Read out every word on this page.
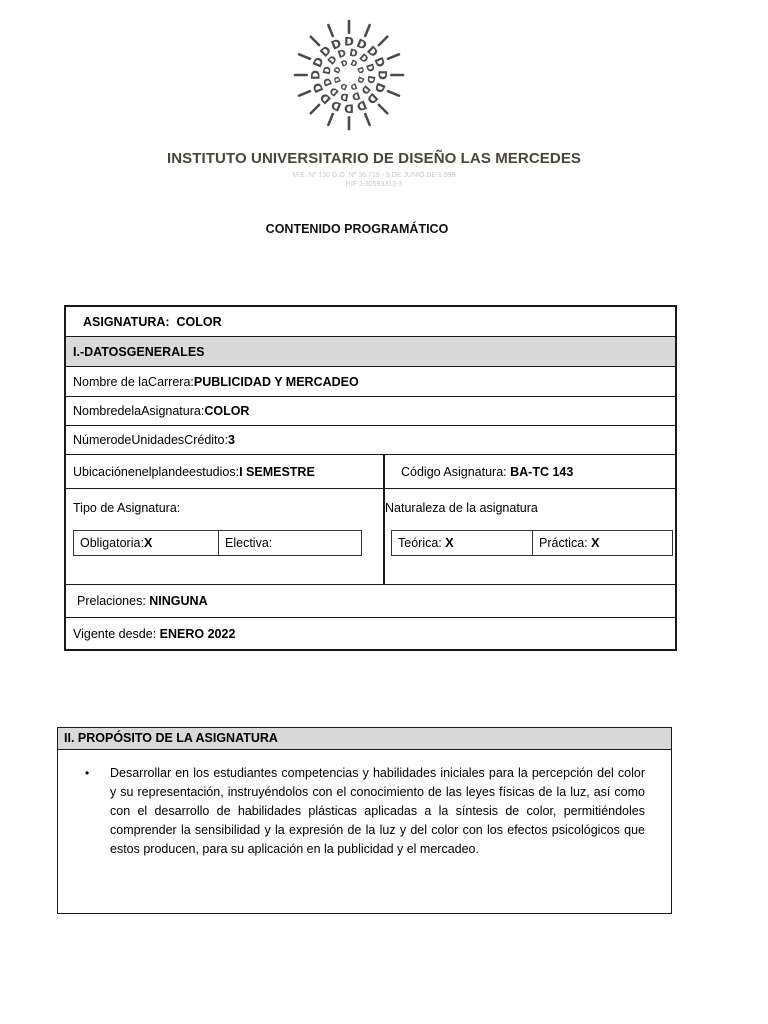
D
D
D
D
D
D
D
D
D
D
D
D D D
D
D
D
D
D
D
D
D
D
D
D D
D
D
D
D
D
D
D
D D
D
INSTITUTO UNIVERSITARIO DE DISEÑO LAS MERCEDES
M.E. Nº 130 G.O. Nº 36.719 - 9 DE JUNIO DE 1.999
RIF J-30593313-3
CONTENIDO PROGRAMÁTICO
ASIGNATURA: COLOR
I.-DATOSGENERALES
Nombre de laCarrera:PUBLICIDAD Y MERCADEO
NombredelaAsignatura:COLOR
NúmerodeUnidadesCrédito:3
Ubicaciónenelplandeestudios:I SEMESTRE	Código Asignatura: BA-TC 143
Tipo de Asignatura:	Naturaleza de la asignatura
Obligatoria:X	Electiva:	Teórica: X	Práctica: X
Prelaciones: NINGUNA
Vigente desde: ENERO 2022
II. PROPÓSITO DE LA ASIGNATURA
• Desarrollar en los estudiantes competencias y habilidades iniciales para la percepción del color y su representación, instruyéndolos con el conocimiento de las leyes físicas de la luz, así como con el desarrollo de habilidades plásticas aplicadas a la síntesis de color, permitiéndoles comprender la sensibilidad y la expresión de la luz y del color con los efectos psicológicos que estos producen, para su aplicación en la publicidad y el mercadeo.
